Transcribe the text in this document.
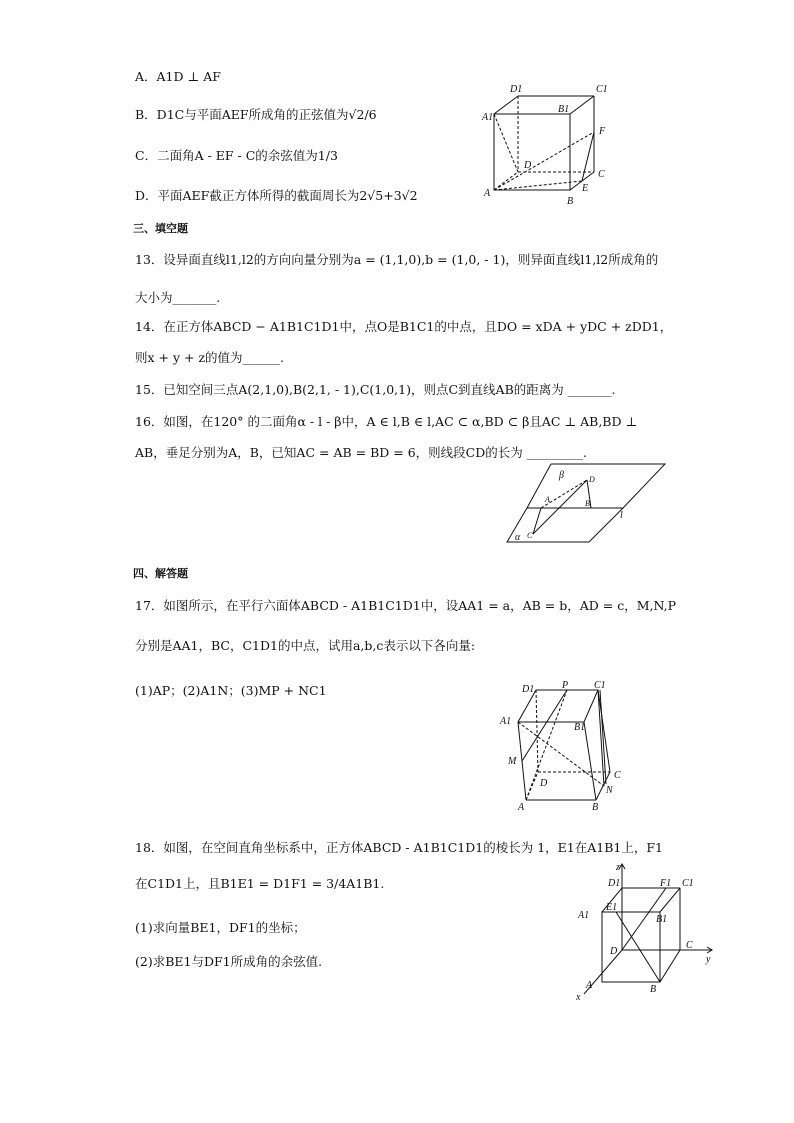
A．A1D ⊥ AF
B．D1C与平面AEF所成角的正弦值为√2/6
C．二面角A - EF - C的余弦值为1/3
D．平面AEF截正方体所得的截面周长为2√5+3√2
三、填空题
13．设异面直线l1,l2的方向向量分别为a = (1,1,0),b = (1,0, - 1)，则异面直线l1,l2所成角的
大小为_______.
14．在正方体ABCD − A1B1C1D1中，点O是B1C1的中点，且DO = xDA + yDC + zDD1，
则x + y + z的值为______.
15．已知空间三点A(2,1,0),B(2,1, - 1),C(1,0,1)，则点C到直线AB的距离为 _______.
16．如图，在120° 的二面角α - l - β中，A ∈ l,B ∈ l,AC ⊂ α,BD ⊂ β且AC ⊥ AB,BD ⊥
AB，垂足分别为A，B，已知AC = AB = BD = 6，则线段CD的长为 _________.
四、解答题
17．如图所示，在平行六面体ABCD - A1B1C1D1中，设AA1 = a，AB = b，AD = c，M,N,P
分别是AA1，BC，C1D1的中点，试用a,b,c表示以下各向量:
(1)AP；(2)A1N；(3)MP + NC1
18．如图，在空间直角坐标系中，正方体ABCD - A1B1C1D1的棱长为 1，E1在A1B1上，F1
在C1D1上，且B1E1 = D1F1 = 3/4A1B1.
(1)求向量BE1，DF1的坐标；
(2)求BE1与DF1所成角的余弦值.
D1	C1
A1
B1
F
D
C
A	E
B
β
A	B
D
l
α C
D1	P	C1
A1
B1
M
D
C
N
A	B
z
D1	F1 C1
A1
E1
B1
D
C
y
A	B
x
